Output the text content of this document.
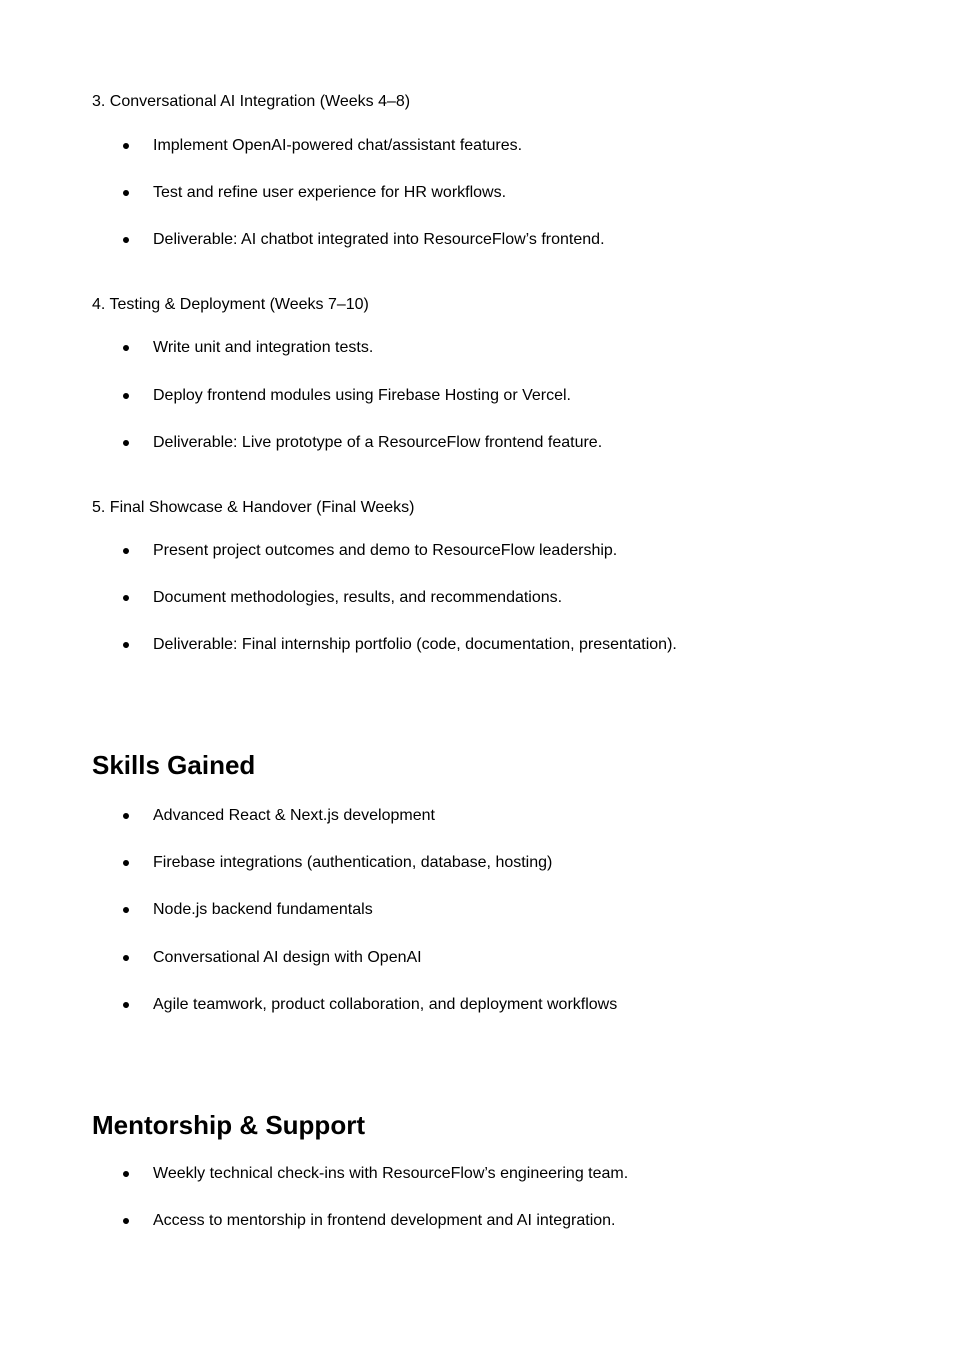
3. Conversational AI Integration (Weeks 4–8)
Implement OpenAI-powered chat/assistant features.
Test and refine user experience for HR workflows.
Deliverable: AI chatbot integrated into ResourceFlow’s frontend.
4. Testing & Deployment (Weeks 7–10)
Write unit and integration tests.
Deploy frontend modules using Firebase Hosting or Vercel.
Deliverable: Live prototype of a ResourceFlow frontend feature.
5. Final Showcase & Handover (Final Weeks)
Present project outcomes and demo to ResourceFlow leadership.
Document methodologies, results, and recommendations.
Deliverable: Final internship portfolio (code, documentation, presentation).
Skills Gained
Advanced React & Next.js development
Firebase integrations (authentication, database, hosting)
Node.js backend fundamentals
Conversational AI design with OpenAI
Agile teamwork, product collaboration, and deployment workflows
Mentorship & Support
Weekly technical check-ins with ResourceFlow’s engineering team.
Access to mentorship in frontend development and AI integration.
